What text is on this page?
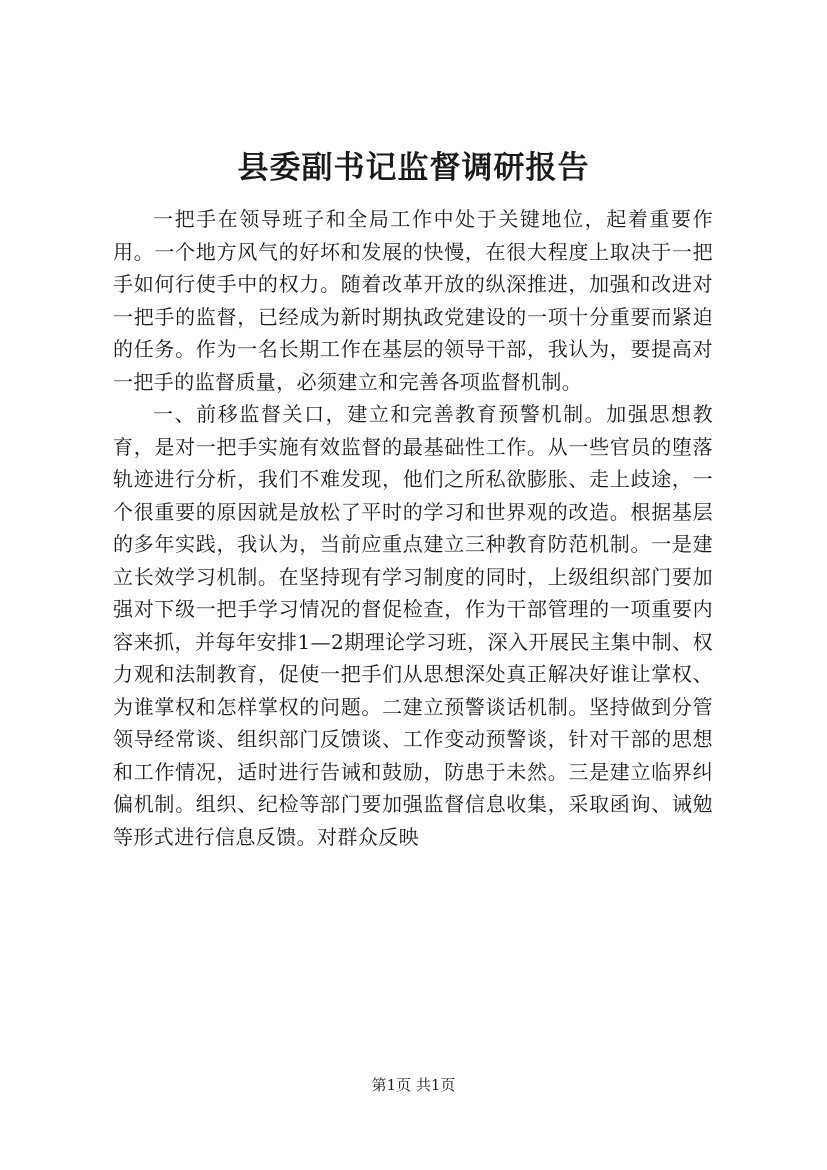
县委副书记监督调研报告

一把手在领导班子和全局工作中处于关键地位，起着重要作用。一个地方风气的好坏和发展的快慢，在很大程度上取决于一把手如何行使手中的权力。随着改革开放的纵深推进，加强和改进对一把手的监督，已经成为新时期执政党建设的一项十分重要而紧迫的任务。作为一名长期工作在基层的领导干部，我认为，要提高对一把手的监督质量，必须建立和完善各项监督机制。

一、前移监督关口，建立和完善教育预警机制。加强思想教育，是对一把手实施有效监督的最基础性工作。从一些官员的堕落轨迹进行分析，我们不难发现，他们之所私欲膨胀、走上歧途，一个很重要的原因就是放松了平时的学习和世界观的改造。根据基层的多年实践，我认为，当前应重点建立三种教育防范机制。一是建立长效学习机制。在坚持现有学习制度的同时，上级组织部门要加强对下级一把手学习情况的督促检查，作为干部管理的一项重要内容来抓，并每年安排1—2期理论学习班，深入开展民主集中制、权力观和法制教育，促使一把手们从思想深处真正解决好谁让掌权、为谁掌权和怎样掌权的问题。二建立预警谈话机制。坚持做到分管领导经常谈、组织部门反馈谈、工作变动预警谈，针对干部的思想和工作情况，适时进行告诫和鼓励，防患于未然。三是建立临界纠偏机制。组织、纪检等部门要加强监督信息收集，采取函询、诫勉等形式进行信息反馈。对群众反映

第1页 共1页
